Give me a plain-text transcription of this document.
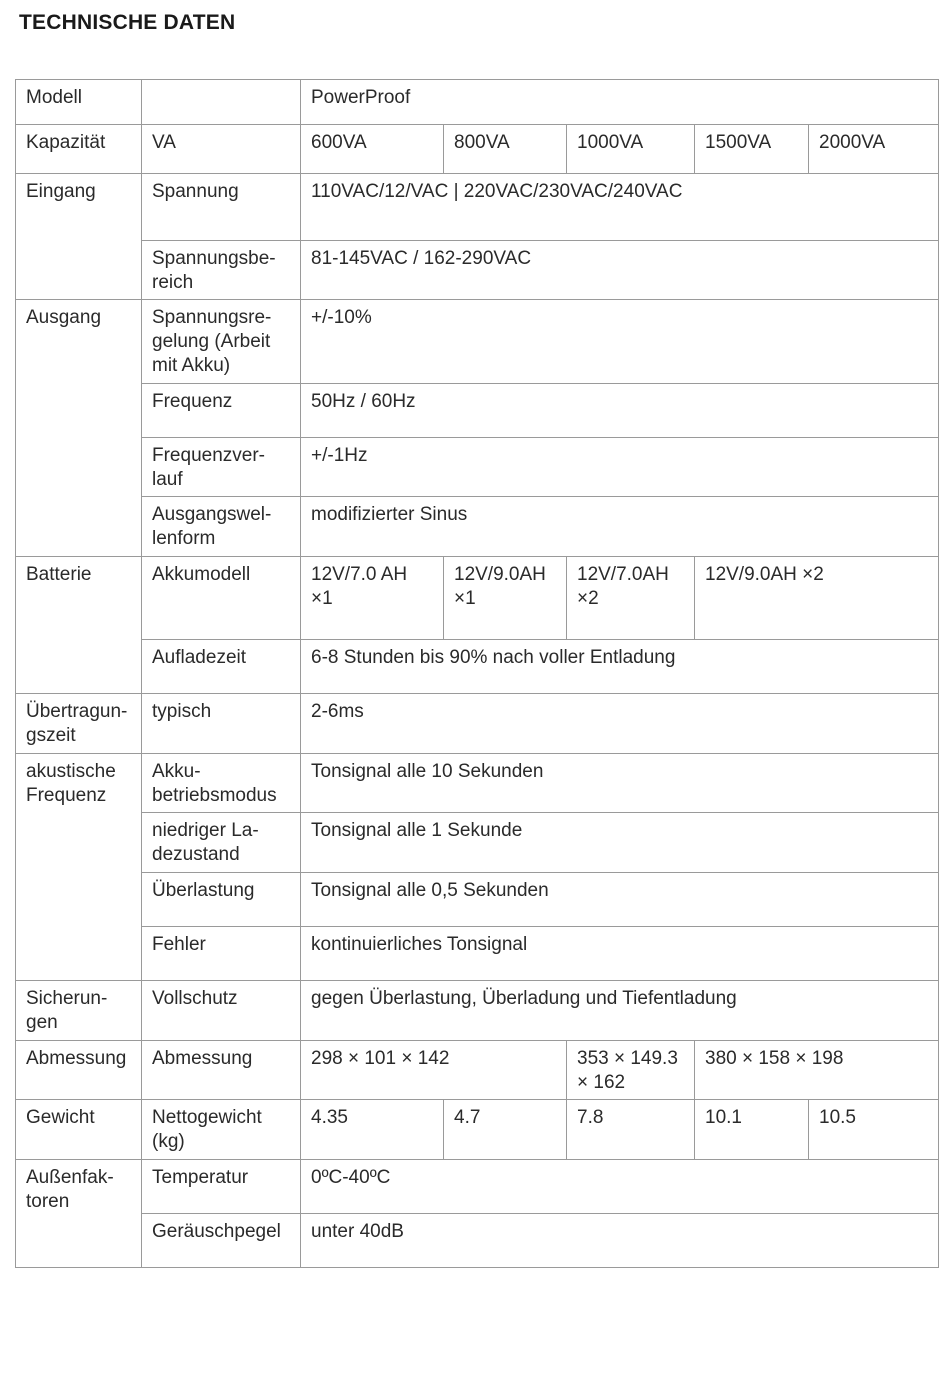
TECHNISCHE DATEN
Modell		PowerProof				
Kapazität	VA	600VA	800VA	1000VA	1500VA	2000VA
Eingang	Spannung	110VAC/12/VAC | 220VAC/230VAC/240VAC				
	Spannungsbe-
reich	81-145VAC / 162-290VAC				
Ausgang	Spannungsre-
gelung (Arbeit
mit Akku)	+/-10%				
	Frequenz	50Hz / 60Hz				
	Frequenzver-
lauf	+/-1Hz				
	Ausgangswel-
lenform	modifizierter Sinus				
Batterie	Akkumodell	12V/7.0 AH
×1	12V/9.0AH
×1	12V/7.0AH
×2	12V/9.0AH ×2	
	Aufladezeit	6-8 Stunden bis 90% nach voller Entladung				
Übertragun-
gszeit	typisch	2-6ms				
akustische
Frequenz	Akku-
betriebsmodus	Tonsignal alle 10 Sekunden				
	niedriger La-
dezustand	Tonsignal alle 1 Sekunde				
	Überlastung	Tonsignal alle 0,5 Sekunden				
	Fehler	kontinuierliches Tonsignal				
Sicherun-
gen	Vollschutz	gegen Überlastung, Überladung und Tiefentladung				
Abmessung	Abmessung	298 × 101 × 142		353 × 149.3
× 162	380 × 158 × 198	
Gewicht	Nettogewicht
(kg)	4.35	4.7	7.8	10.1	10.5
Außenfak-
toren	Temperatur	0ºC-40ºC				
	Geräuschpegel	unter 40dB				
